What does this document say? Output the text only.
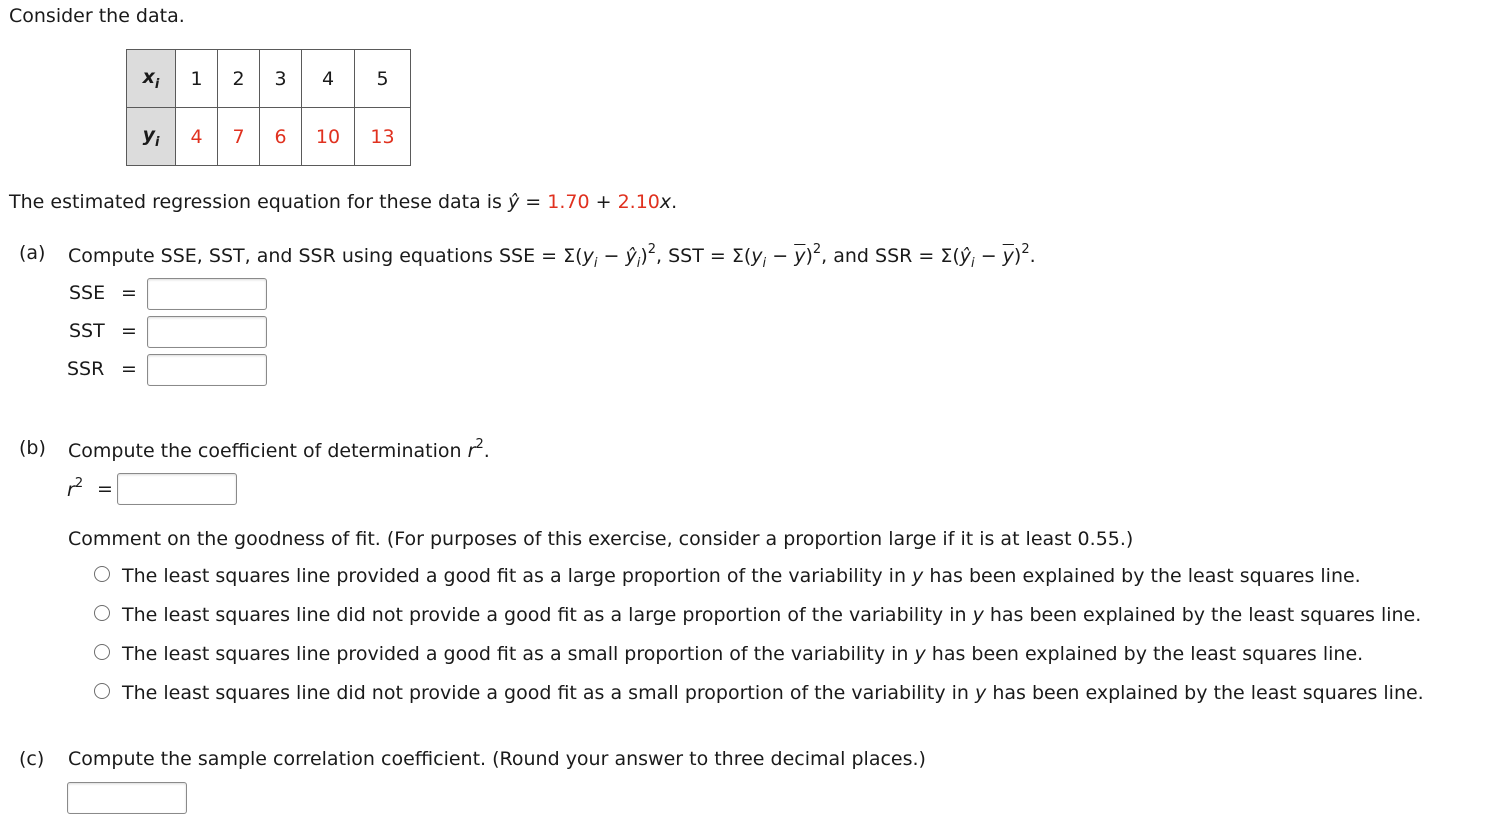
Consider the data.
$x_i$	1	2	3	4	5
$y_i$	4	7	6	10	13
The estimated regression equation for these data is ŷ = 1.70 + 2.10x.
(a) Compute SSE, SST, and SSR using equations SSE = $\Sigma(y_i$ − $ŷ_i)^2$, SST = $\Sigma(y_i - \overline{y})^2$, and SSR = $\Sigma(ŷ_i - \overline{y})^2$.
SSE =
SST =
SSR =
(b) Compute the coefficient of determination $r^2$.
$r^2$ =
Comment on the goodness of fit. (For purposes of this exercise, consider a proportion large if it is at least 0.55.)
The least squares line provided a good fit as a large proportion of the variability in y has been explained by the least squares line.
The least squares line did not provide a good fit as a large proportion of the variability in y has been explained by the least squares line.
The least squares line provided a good fit as a small proportion of the variability in y has been explained by the least squares line.
The least squares line did not provide a good fit as a small proportion of the variability in y has been explained by the least squares line.
(c) Compute the sample correlation coefficient. (Round your answer to three decimal places.)
